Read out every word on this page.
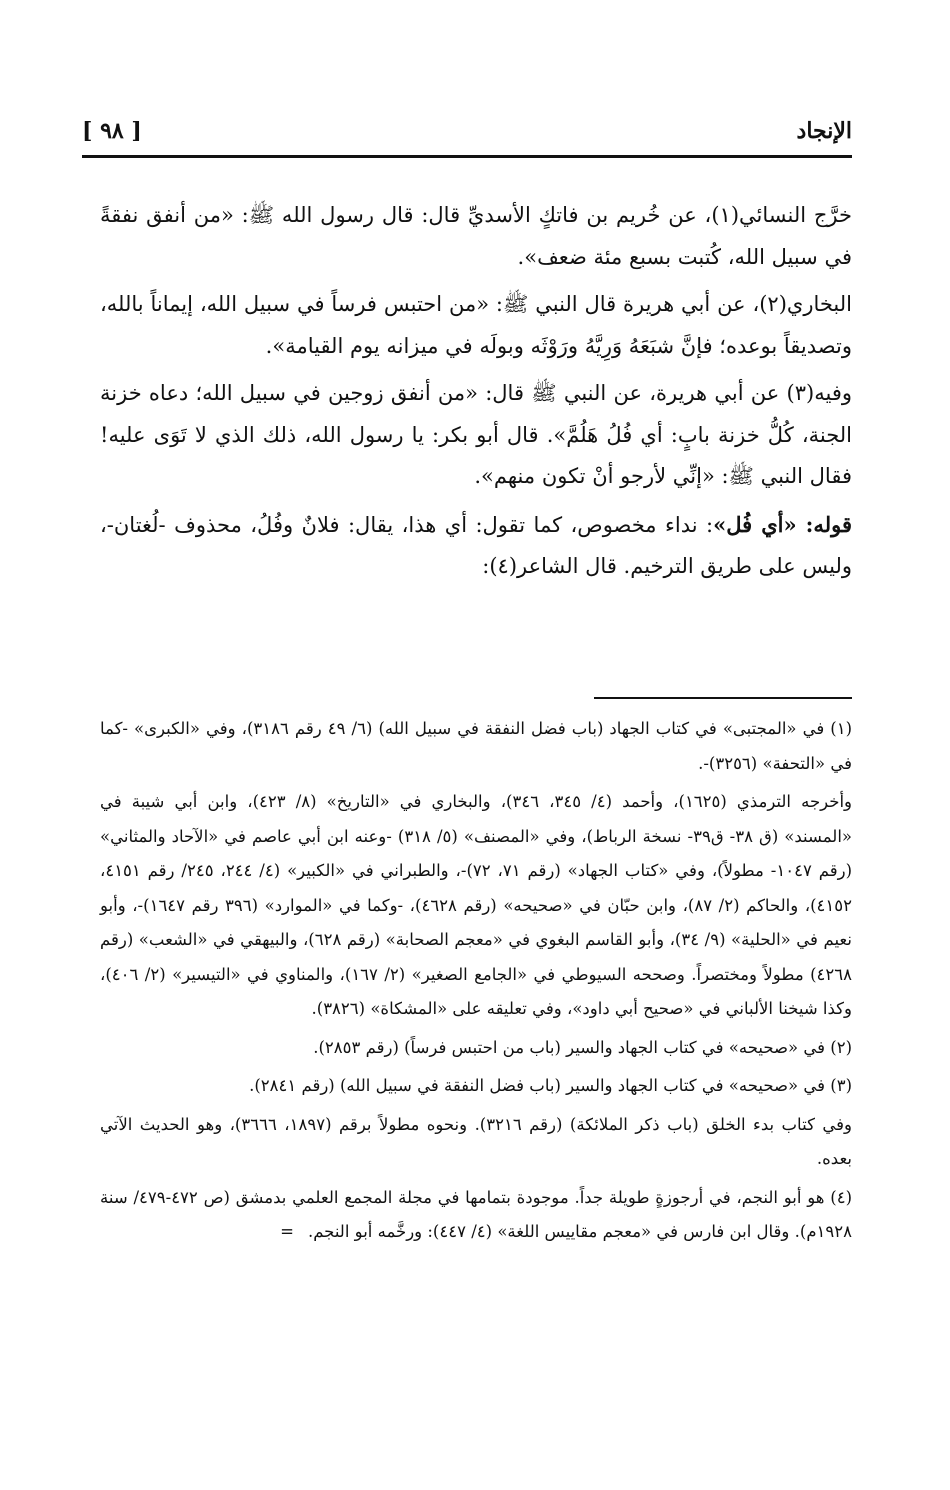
الإنجاد
[ ٩٨ ]

خرَّج النسائي(١)، عن خُريم بن فاتكٍ الأسديِّ قال: قال رسول الله ﷺ: «من أنفق نفقةً في سبيل الله، كُتبت بسبع مئة ضعف».

البخاري(٢)، عن أبي هريرة قال النبي ﷺ: «من احتبس فرساً في سبيل الله، إيماناً بالله، وتصديقاً بوعده؛ فإنَّ شبَعَهُ وَرِيَّهُ ورَوْثَه وبولَه في ميزانه يوم القيامة».

وفيه(٣) عن أبي هريرة، عن النبي ﷺ قال: «من أنفق زوجين في سبيل الله؛ دعاه خزنة الجنة، كُلُّ خزنة بابٍ: أي فُلُ هَلُمَّ». قال أبو بكر: يا رسول الله، ذلك الذي لا تَوَى عليه! فقال النبي ﷺ: «إنِّي لأرجو أنْ تكون منهم».

قوله: «أي فُل»: نداء مخصوص، كما تقول: أي هذا، يقال: فلانٌ وفُلُ، محذوف -لُغتان-، وليس على طريق الترخيم. قال الشاعر(٤):

(١) في «المجتبى» في كتاب الجهاد (باب فضل النفقة في سبيل الله) (٦/ ٤٩ رقم ٣١٨٦)، وفي «الكبرى» -كما في «التحفة» (٣٢٥٦)-.

وأخرجه الترمذي (١٦٢٥)، وأحمد (٤/ ٣٤٥، ٣٤٦)، والبخاري في «التاريخ» (٨/ ٤٢٣)، وابن أبي شيبة في «المسند» (ق ٣٨- ق٣٩- نسخة الرباط)، وفي «المصنف» (٥/ ٣١٨) -وعنه ابن أبي عاصم في «الآحاد والمثاني» (رقم ١٠٤٧- مطولاً)، وفي «كتاب الجهاد» (رقم ٧١، ٧٢)-، والطبراني في «الكبير» (٤/ ٢٤٤، ٢٤٥/ رقم ٤١٥١، ٤١٥٢)، والحاكم (٢/ ٨٧)، وابن حبّان في «صحيحه» (رقم ٤٦٢٨)، -وكما في «الموارد» (٣٩٦ رقم ١٦٤٧)-، وأبو نعيم في «الحلية» (٩/ ٣٤)، وأبو القاسم البغوي في «معجم الصحابة» (رقم ٦٢٨)، والبيهقي في «الشعب» (رقم ٤٢٦٨) مطولاً ومختصراً. وصححه السيوطي في «الجامع الصغير» (٢/ ١٦٧)، والمناوي في «التيسير» (٢/ ٤٠٦)، وكذا شيخنا الألباني في «صحيح أبي داود»، وفي تعليقه على «المشكاة» (٣٨٢٦).

(٢) في «صحيحه» في كتاب الجهاد والسير (باب من احتبس فرساً) (رقم ٢٨٥٣).

(٣) في «صحيحه» في كتاب الجهاد والسير (باب فضل النفقة في سبيل الله) (رقم ٢٨٤١).

وفي كتاب بدء الخلق (باب ذكر الملائكة) (رقم ٣٢١٦). ونحوه مطولاً برقم (١٨٩٧، ٣٦٦٦)، وهو الحديث الآتي بعده.

(٤) هو أبو النجم، في أرجوزةٍ طويلة جداً. موجودة بتمامها في مجلة المجمع العلمي بدمشق (ص ٤٧٢-٤٧٩/ سنة ١٩٢٨م). وقال ابن فارس في «معجم مقاييس اللغة» (٤/ ٤٤٧): ورخَّمه أبو النجم.=
